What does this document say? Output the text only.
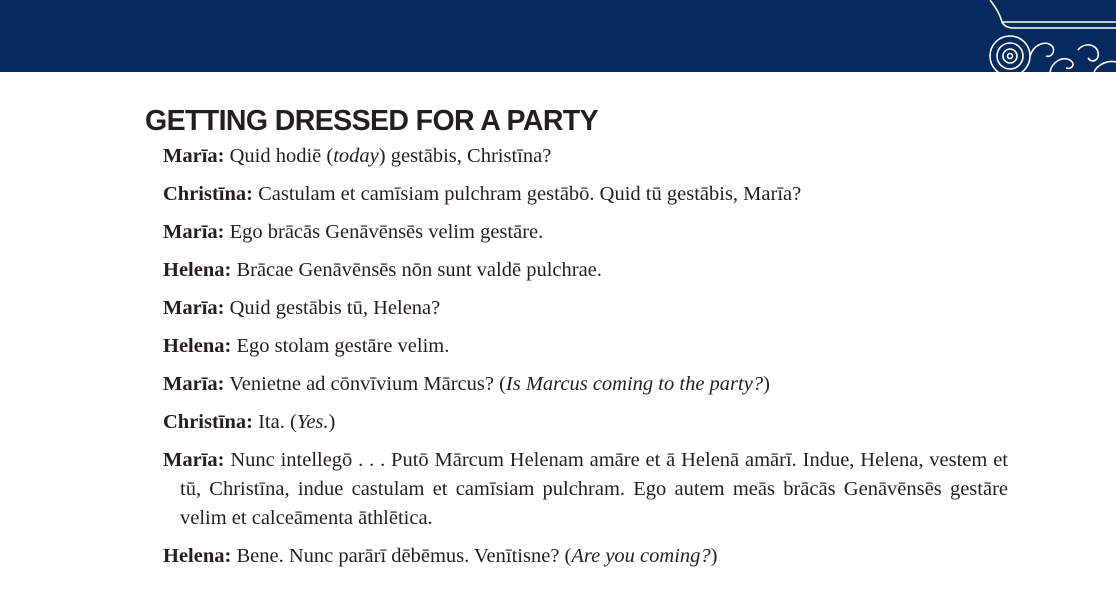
GETTING DRESSED FOR A PARTY

Marīa: Quid hodiē (today) gestābis, Christīna?

Christīna: Castulam et camīsiam pulchram gestābō. Quid tū gestābis, Marīa?

Marīa: Ego brācās Genāvēnsēs velim gestāre.

Helena: Brācae Genāvēnsēs nōn sunt valdē pulchrae.

Marīa: Quid gestābis tū, Helena?

Helena: Ego stolam gestāre velim.

Marīa: Venietne ad cōnvīvium Mārcus? (Is Marcus coming to the party?)

Christīna: Ita. (Yes.)

Marīa: Nunc intellegō . . . Putō Mārcum Helenam amāre et ā Helenā amārī. Indue, Helena, vestem et tū, Christīna, indue castulam et camīsiam pulchram. Ego autem meās brācās Genāvēnsēs gestāre velim et calceāmenta āthlētica.

Helena: Bene. Nunc parārī dēbēmus. Venītisne? (Are you coming?)
